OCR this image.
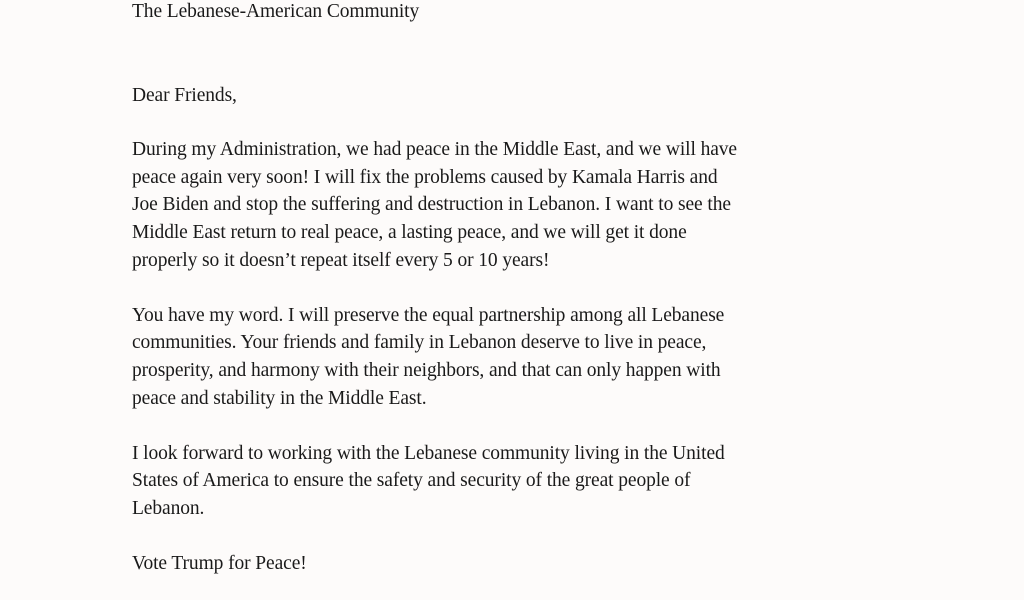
The Lebanese-American Community
Dear Friends,
During my Administration, we had peace in the Middle East, and we will have
peace again very soon! I will fix the problems caused by Kamala Harris and
Joe Biden and stop the suffering and destruction in Lebanon. I want to see the
Middle East return to real peace, a lasting peace, and we will get it done
properly so it doesn’t repeat itself every 5 or 10 years!
You have my word. I will preserve the equal partnership among all Lebanese
communities. Your friends and family in Lebanon deserve to live in peace,
prosperity, and harmony with their neighbors, and that can only happen with
peace and stability in the Middle East.
I look forward to working with the Lebanese community living in the United
States of America to ensure the safety and security of the great people of
Lebanon.
Vote Trump for Peace!
